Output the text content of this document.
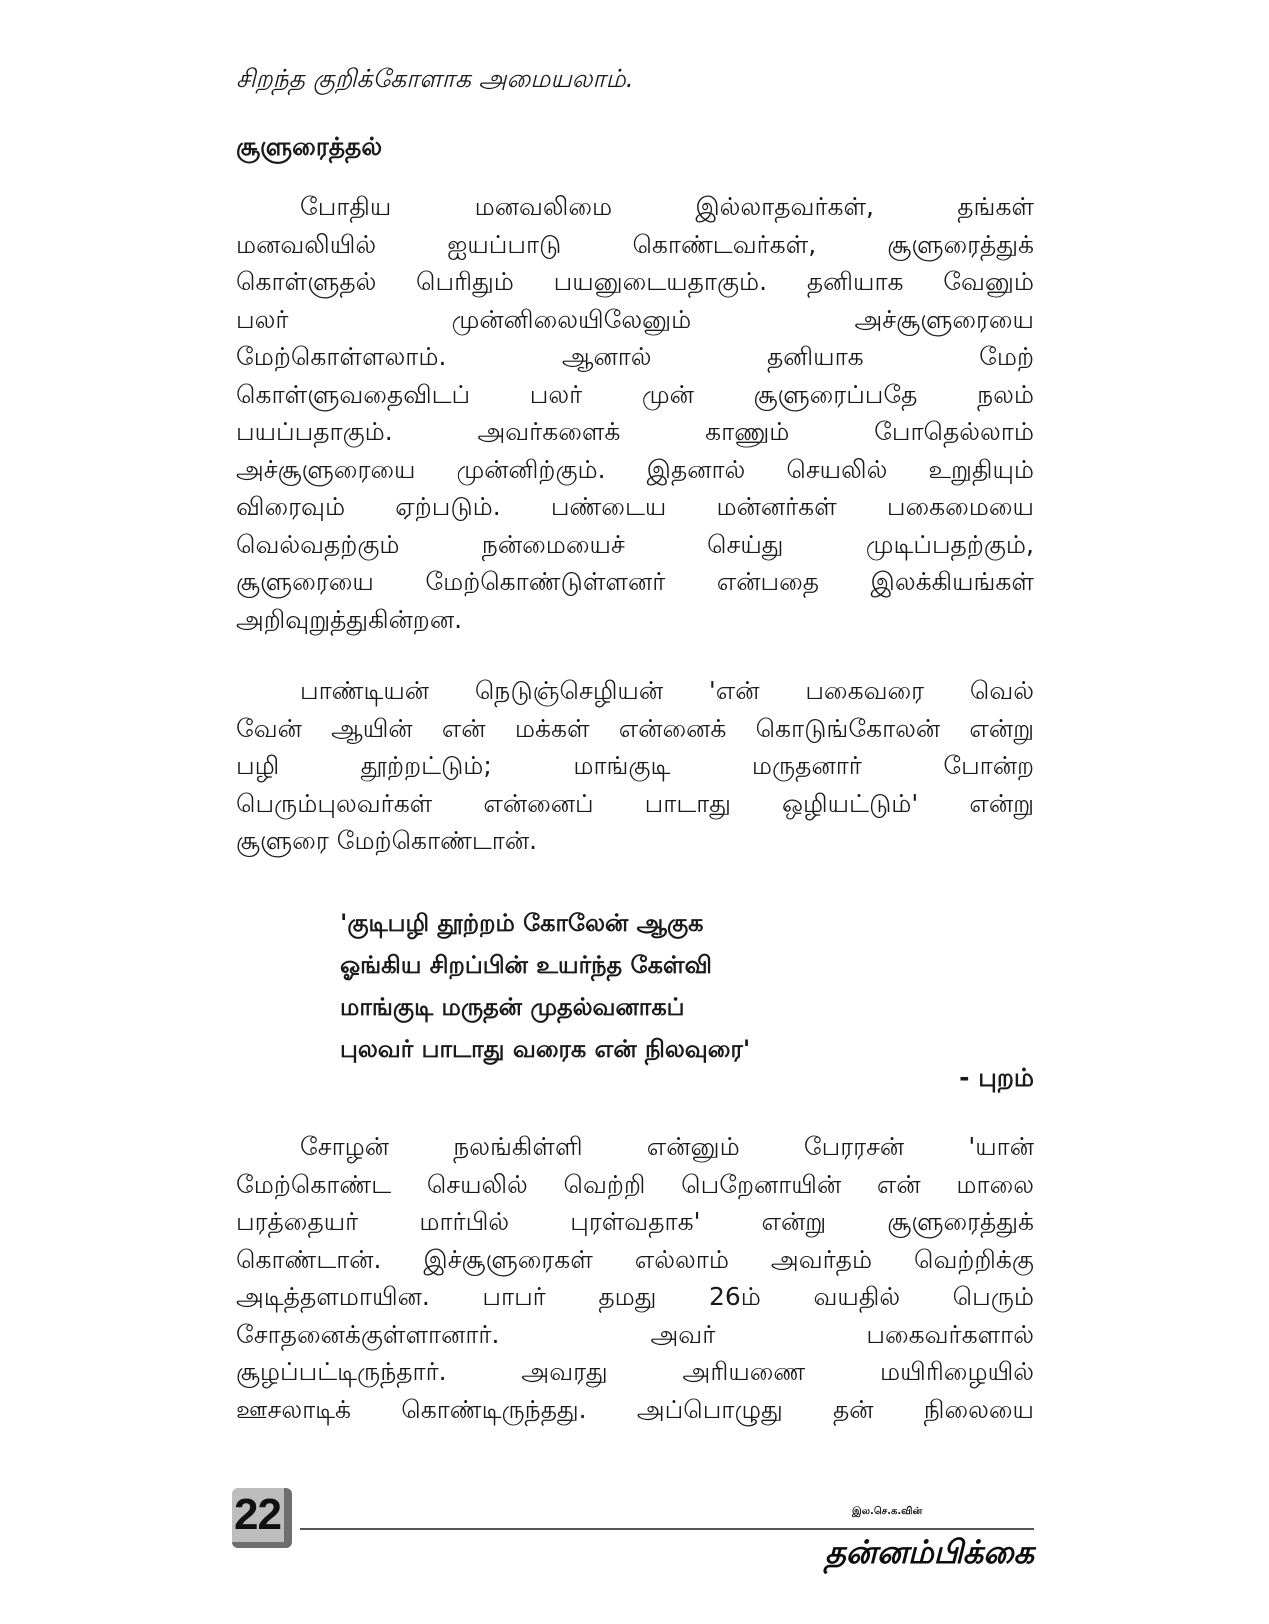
சிறந்த குறிக்கோளாக அமையலாம்.
சூளுரைத்தல்
போதிய மனவலிமை இல்லாதவர்கள், தங்கள்
மனவலியில் ஐயப்பாடு கொண்டவர்கள், சூளுரைத்துக்
கொள்ளுதல் பெரிதும் பயனுடையதாகும். தனியாக வேனும்
பலர் முன்னிலையிலேனும் அச்சூளுரையை
மேற்கொள்ளலாம். ஆனால் தனியாக மேற்
கொள்ளுவதைவிடப் பலர் முன் சூளுரைப்பதே நலம்
பயப்பதாகும். அவர்களைக் காணும் போதெல்லாம்
அச்சூளுரையை முன்னிற்கும். இதனால் செயலில் உறுதியும்
விரைவும் ஏற்படும். பண்டைய மன்னர்கள் பகைமையை
வெல்வதற்கும் நன்மையைச் செய்து முடிப்பதற்கும்,
சூளுரையை மேற்கொண்டுள்ளனர் என்பதை இலக்கியங்கள்
அறிவுறுத்துகின்றன.
பாண்டியன் நெடுஞ்செழியன் 'என் பகைவரை வெல்
வேன் ஆயின் என் மக்கள் என்னைக் கொடுங்கோலன் என்று
பழி தூற்றட்டும்; மாங்குடி மருதனார் போன்ற
பெரும்புலவர்கள் என்னைப் பாடாது ஒழியட்டும்' என்று
சூளுரை மேற்கொண்டான்.
'குடிபழி தூற்றம் கோலேன் ஆகுக
ஓங்கிய சிறப்பின் உயர்ந்த கேள்வி
மாங்குடி மருதன் முதல்வனாகப்
புலவர் பாடாது வரைக என் நிலவுரை'
- புறம்
சோழன் நலங்கிள்ளி என்னும் பேரரசன் 'யான்
மேற்கொண்ட செயலில் வெற்றி பெறேனாயின் என் மாலை
பரத்தையர் மார்பில் புரள்வதாக' என்று சூளுரைத்துக்
கொண்டான். இச்சூளுரைகள் எல்லாம் அவர்தம் வெற்றிக்கு
அடித்தளமாயின. பாபர் தமது 26ம் வயதில் பெரும்
சோதனைக்குள்ளானார். அவர் பகைவர்களால்
சூழப்பட்டிருந்தார். அவரது அரியணை மயிரிழையில்
ஊசலாடிக் கொண்டிருந்தது. அப்பொழுது தன் நிலையை
22	இல.செ.க.வின்
தன்னம்பிக்கை
